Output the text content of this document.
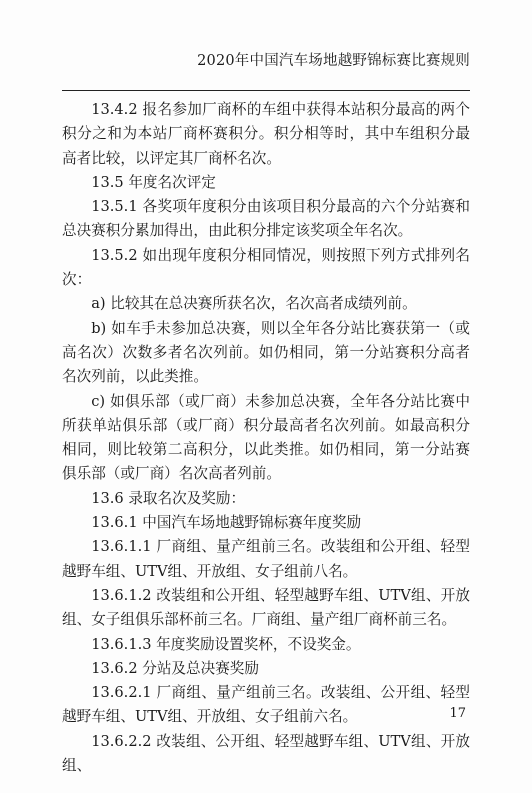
2020年中国汽车场地越野锦标赛比赛规则

13.4.2 报名参加厂商杯的车组中获得本站积分最高的两个积分之和为本站厂商杯赛积分。积分相等时，其中车组积分最高者比较，以评定其厂商杯名次。

13.5 年度名次评定

13.5.1 各奖项年度积分由该项目积分最高的六个分站赛和总决赛积分累加得出，由此积分排定该奖项全年名次。

13.5.2 如出现年度积分相同情况，则按照下列方式排列名次：

a) 比较其在总决赛所获名次，名次高者成绩列前。

b) 如车手未参加总决赛，则以全年各分站比赛获第一（或高名次）次数多者名次列前。如仍相同，第一分站赛积分高者名次列前，以此类推。

c) 如俱乐部（或厂商）未参加总决赛，全年各分站比赛中所获单站俱乐部（或厂商）积分最高者名次列前。如最高积分相同，则比较第二高积分，以此类推。如仍相同，第一分站赛俱乐部（或厂商）名次高者列前。

13.6 录取名次及奖励：

13.6.1 中国汽车场地越野锦标赛年度奖励

13.6.1.1 厂商组、量产组前三名。改装组和公开组、轻型越野车组、UTV组、开放组、女子组前八名。

13.6.1.2 改装组和公开组、轻型越野车组、UTV组、开放组、女子组俱乐部杯前三名。厂商组、量产组厂商杯前三名。

13.6.1.3 年度奖励设置奖杯，不设奖金。

13.6.2 分站及总决赛奖励

13.6.2.1 厂商组、量产组前三名。改装组、公开组、轻型越野车组、UTV组、开放组、女子组前六名。

13.6.2.2 改装组、公开组、轻型越野车组、UTV组、开放组、

17
